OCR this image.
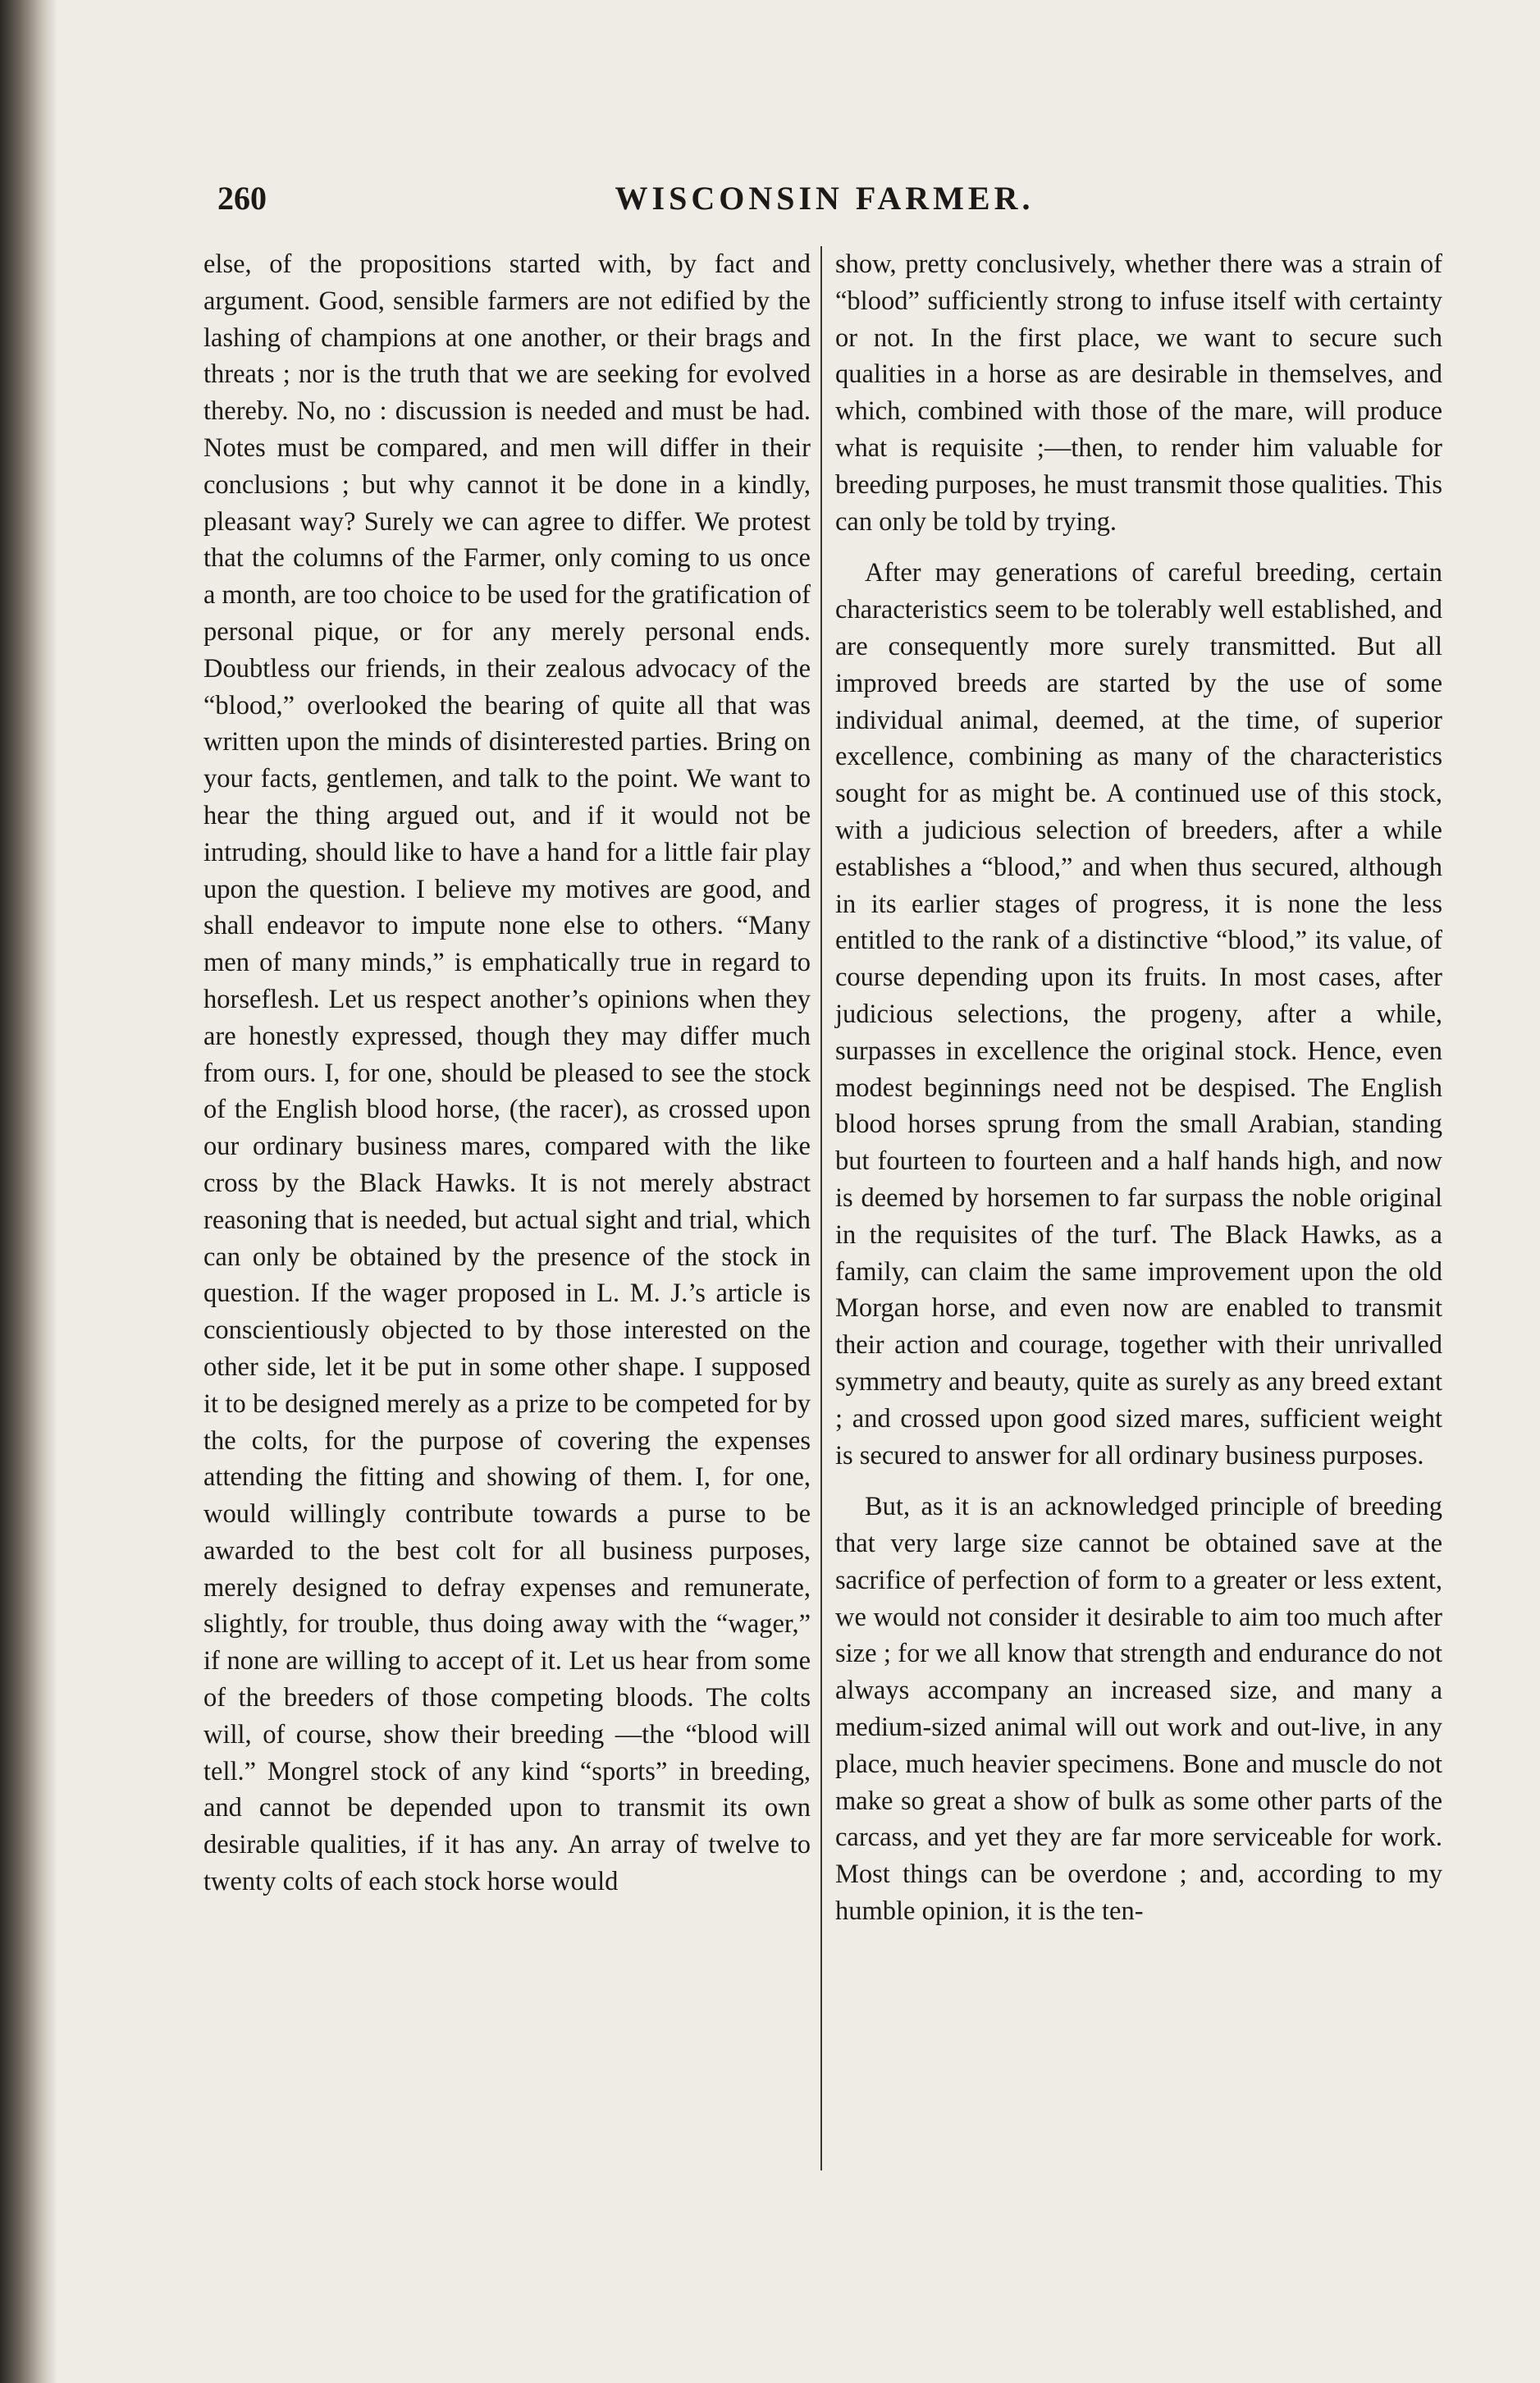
260	WISCONSIN FARMER.

else, of the propositions started with, by fact and argument. Good, sensible farmers are not edified by the lashing of champions at one another, or their brags and threats ; nor is the truth that we are seeking for evolved thereby. No, no : discussion is needed and must be had. Notes must be compared, and men will differ in their conclusions ; but why cannot it be done in a kindly, pleasant way? Surely we can agree to differ. We protest that the columns of the Farmer, only coming to us once a month, are too choice to be used for the gratification of personal pique, or for any merely personal ends. Doubtless our friends, in their zealous advocacy of the “blood,” overlooked the bearing of quite all that was written upon the minds of disinterested parties. Bring on your facts, gentlemen, and talk to the point. We want to hear the thing argued out, and if it would not be intruding, should like to have a hand for a little fair play upon the question. I believe my motives are good, and shall endeavor to impute none else to others. “Many men of many minds,” is emphatically true in regard to horseflesh. Let us respect another’s opinions when they are honestly expressed, though they may differ much from ours. I, for one, should be pleased to see the stock of the English blood horse, (the racer), as crossed upon our ordinary business mares, compared with the like cross by the Black Hawks. It is not merely abstract reasoning that is needed, but actual sight and trial, which can only be obtained by the presence of the stock in question. If the wager proposed in L. M. J.’s article is conscientiously objected to by those interested on the other side, let it be put in some other shape. I supposed it to be designed merely as a prize to be competed for by the colts, for the purpose of covering the expenses attending the fitting and showing of them. I, for one, would willingly contribute towards a purse to be awarded to the best colt for all business purposes, merely designed to defray expenses and remunerate, slightly, for trouble, thus doing away with the “wager,” if none are willing to accept of it. Let us hear from some of the breeders of those competing bloods. The colts will, of course, show their breeding —the “blood will tell.” Mongrel stock of any kind “sports” in breeding, and cannot be depended upon to transmit its own desirable qualities, if it has any. An array of twelve to twenty colts of each stock horse would

show, pretty conclusively, whether there was a strain of “blood” sufficiently strong to infuse itself with certainty or not. In the first place, we want to secure such qualities in a horse as are desirable in themselves, and which, combined with those of the mare, will produce what is requisite ;—then, to render him valuable for breeding purposes, he must transmit those qualities. This can only be told by trying.

After may generations of careful breeding, certain characteristics seem to be tolerably well established, and are consequently more surely transmitted. But all improved breeds are started by the use of some individual animal, deemed, at the time, of superior excellence, combining as many of the characteristics sought for as might be. A continued use of this stock, with a judicious selection of breeders, after a while establishes a “blood,” and when thus secured, although in its earlier stages of progress, it is none the less entitled to the rank of a distinctive “blood,” its value, of course depending upon its fruits. In most cases, after judicious selections, the progeny, after a while, surpasses in excellence the original stock. Hence, even modest beginnings need not be despised. The English blood horses sprung from the small Arabian, standing but fourteen to fourteen and a half hands high, and now is deemed by horsemen to far surpass the noble original in the requisites of the turf. The Black Hawks, as a family, can claim the same improvement upon the old Morgan horse, and even now are enabled to transmit their action and courage, together with their unrivalled symmetry and beauty, quite as surely as any breed extant ; and crossed upon good sized mares, sufficient weight is secured to answer for all ordinary business purposes.

But, as it is an acknowledged principle of breeding that very large size cannot be obtained save at the sacrifice of perfection of form to a greater or less extent, we would not consider it desirable to aim too much after size ; for we all know that strength and endurance do not always accompany an increased size, and many a medium-sized animal will out work and out-live, in any place, much heavier specimens. Bone and muscle do not make so great a show of bulk as some other parts of the carcass, and yet they are far more serviceable for work. Most things can be overdone ; and, according to my humble opinion, it is the ten-
